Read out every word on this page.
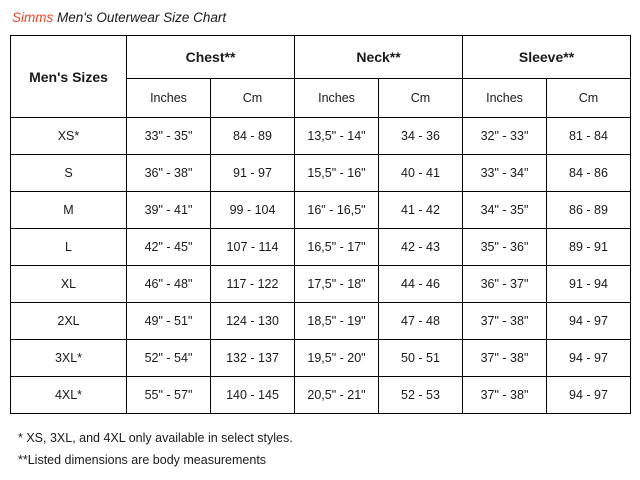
Simms Men's Outerwear Size Chart
Men's Sizes	Chest**		Neck**		Sleeve**	
	Inches	Cm	Inches	Cm	Inches	Cm
XS*	33" - 35"	84 - 89	13,5" - 14"	34 - 36	32" - 33"	81 - 84
S	36" - 38"	91 - 97	15,5" - 16"	40 - 41	33" - 34"	84 - 86
M	39" - 41"	99 - 104	16" - 16,5"	41 - 42	34" - 35"	86 - 89
L	42" - 45"	107 - 114	16,5" - 17"	42 - 43	35" - 36"	89 - 91
XL	46" - 48"	117 - 122	17,5" - 18"	44 - 46	36" - 37"	91 - 94
2XL	49" - 51"	124 - 130	18,5" - 19"	47 - 48	37" - 38"	94 - 97
3XL*	52" - 54"	132 - 137	19,5" - 20"	50 - 51	37" - 38"	94 - 97
4XL*	55" - 57"	140 - 145	20,5" - 21"	52 - 53	37" - 38"	94 - 97
* XS, 3XL, and 4XL only available in select styles.
**Listed dimensions are body measurements
